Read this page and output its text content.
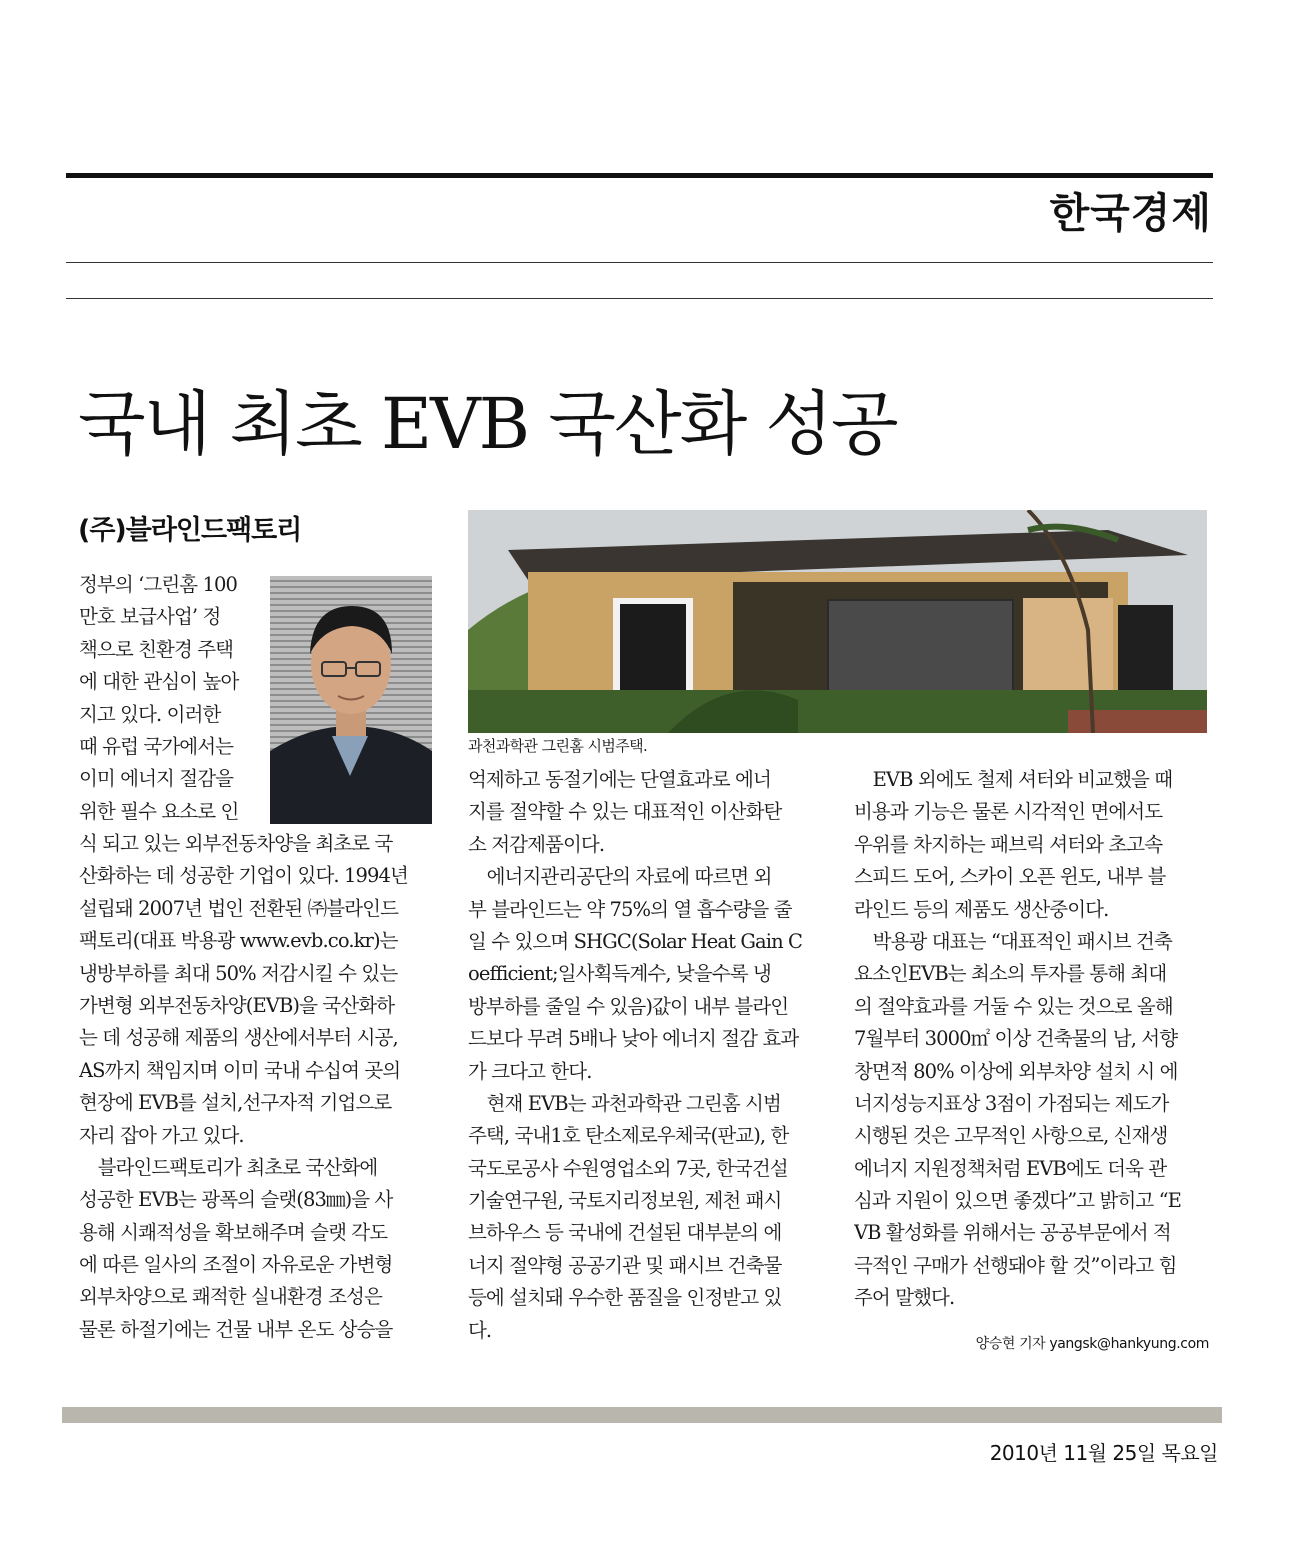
한국경제
국내 최초 EVB 국산화 성공
(주)블라인드팩토리
과천과학관 그린홈 시범주택.
정부의 ‘그린홈 100
만호 보급사업’ 정
책으로 친환경 주택
에 대한 관심이 높아
지고 있다. 이러한
때 유럽 국가에서는
이미 에너지 절감을
위한 필수 요소로 인
식 되고 있는 외부전동차양을 최초로 국
산화하는 데 성공한 기업이 있다. 1994년
설립돼 2007년 법인 전환된 ㈜블라인드
팩토리(대표 박용광 www.evb.co.kr)는
냉방부하를 최대 50% 저감시킬 수 있는
가변형 외부전동차양(EVB)을 국산화하
는 데 성공해 제품의 생산에서부터 시공,
AS까지 책임지며 이미 국내 수십여 곳의
현장에 EVB를 설치,선구자적 기업으로
자리 잡아 가고 있다.
　블라인드팩토리가 최초로 국산화에
성공한 EVB는 광폭의 슬랫(83㎜)을 사
용해 시쾌적성을 확보해주며 슬랫 각도
에 따른 일사의 조절이 자유로운 가변형
외부차양으로 쾌적한 실내환경 조성은
물론 하절기에는 건물 내부 온도 상승을
억제하고 동절기에는 단열효과로 에너
지를 절약할 수 있는 대표적인 이산화탄
소 저감제품이다.
　에너지관리공단의 자료에 따르면 외
부 블라인드는 약 75%의 열 흡수량을 줄
일 수 있으며 SHGC(Solar Heat Gain C
oefficient;일사획득계수, 낮을수록 냉
방부하를 줄일 수 있음)값이 내부 블라인
드보다 무려 5배나 낮아 에너지 절감 효과
가 크다고 한다.
　현재 EVB는 과천과학관 그린홈 시범
주택, 국내1호 탄소제로우체국(판교), 한
국도로공사 수원영업소외 7곳, 한국건설
기술연구원, 국토지리정보원, 제천 패시
브하우스 등 국내에 건설된 대부분의 에
너지 절약형 공공기관 및 패시브 건축물
등에 설치돼 우수한 품질을 인정받고 있
다.
　EVB 외에도 철제 셔터와 비교했을 때
비용과 기능은 물론 시각적인 면에서도
우위를 차지하는 패브릭 셔터와 초고속
스피드 도어, 스카이 오픈 윈도, 내부 블
라인드 등의 제품도 생산중이다.
　박용광 대표는 “대표적인 패시브 건축
요소인EVB는 최소의 투자를 통해 최대
의 절약효과를 거둘 수 있는 것으로 올해
7월부터 3000㎡ 이상 건축물의 남, 서향
창면적 80% 이상에 외부차양 설치 시 에
너지성능지표상 3점이 가점되는 제도가
시행된 것은 고무적인 사항으로, 신재생
에너지 지원정책처럼 EVB에도 더욱 관
심과 지원이 있으면 좋겠다”고 밝히고 “E
VB 활성화를 위해서는 공공부문에서 적
극적인 구매가 선행돼야 할 것”이라고 힘
주어 말했다.
양승현 기자 yangsk@hankyung.com
2010년 11월 25일 목요일
